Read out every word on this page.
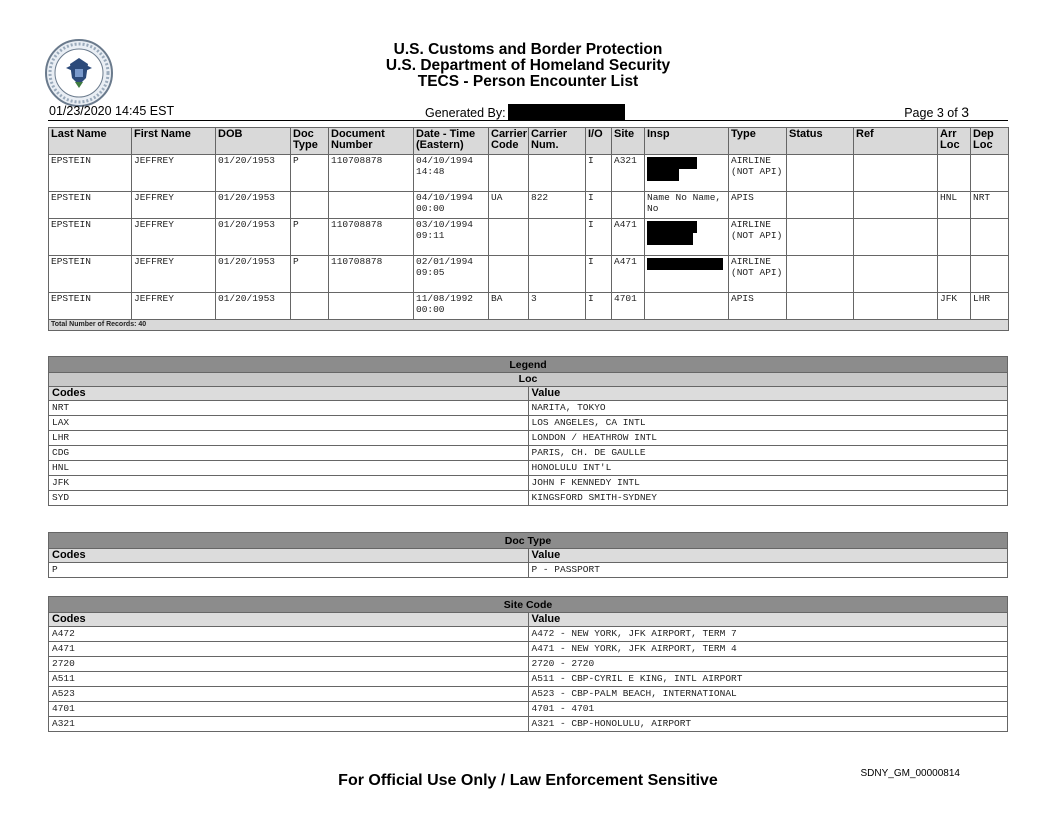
U.S. Customs and Border Protection
U.S. Department of Homeland Security
TECS - Person Encounter List
01/23/2020 14:45 EST	Generated By:	Page 3 of 3
Last Name	First Name	DOB	Doc Type	Document Number	Date - Time (Eastern)	Carrier Code	Carrier Num.	I/O	Site	Insp	Type	Status	Ref	Arr Loc	Dep Loc
EPSTEIN	JEFFREY	01/20/1953	P	110708878	04/10/1994 14:48			I	A321		AIRLINE (NOT API)				
EPSTEIN	JEFFREY	01/20/1953			04/10/1994 00:00	UA	822	I		Name No Name, No	APIS			HNL	NRT
EPSTEIN	JEFFREY	01/20/1953	P	110708878	03/10/1994 09:11			I	A471		AIRLINE (NOT API)				
EPSTEIN	JEFFREY	01/20/1953	P	110708878	02/01/1994 09:05			I	A471		AIRLINE (NOT API)				
EPSTEIN	JEFFREY	01/20/1953			11/08/1992 00:00	BA	3	I	4701		APIS			JFK	LHR
Total Number of Records: 40															
Legend	
Loc	
Codes	Value
NRT	NARITA, TOKYO
LAX	LOS ANGELES, CA INTL
LHR	LONDON / HEATHROW INTL
CDG	PARIS, CH. DE GAULLE
HNL	HONOLULU INT'L
JFK	JOHN F KENNEDY INTL
SYD	KINGSFORD SMITH-SYDNEY
Doc Type	
Codes	Value
P	P - PASSPORT
Site Code	
Codes	Value
A472	A472 - NEW YORK, JFK AIRPORT, TERM 7
A471	A471 - NEW YORK, JFK AIRPORT, TERM 4
2720	2720 - 2720
A511	A511 - CBP-CYRIL E KING, INTL AIRPORT
A523	A523 - CBP-PALM BEACH, INTERNATIONAL
4701	4701 - 4701
A321	A321 - CBP-HONOLULU, AIRPORT
For Official Use Only / Law Enforcement Sensitive	SDNY_GM_00000814
